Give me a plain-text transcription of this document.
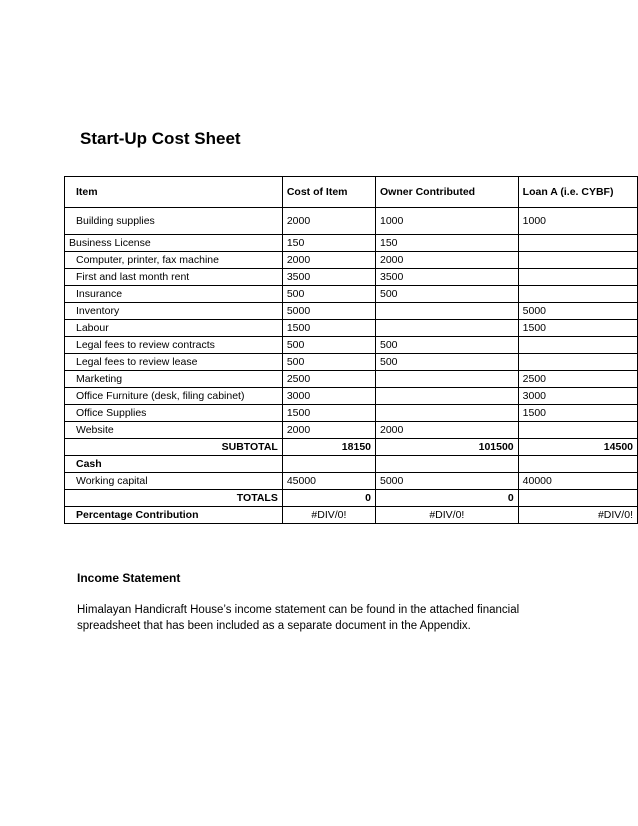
Start-Up Cost Sheet
Item	Cost of Item	Owner Contributed	Loan A (i.e. CYBF)
Building supplies	2000	1000	1000
Business License	150	150	
Computer, printer, fax machine	2000	2000	
First and last month rent	3500	3500	
Insurance	500	500	
Inventory	5000		5000
Labour	1500		1500
Legal fees to review contracts	500	500	
Legal fees to review lease	500	500	
Marketing	2500		2500
Office Furniture (desk, filing cabinet)	3000		3000
Office Supplies	1500		1500
Website	2000	2000	
SUBTOTAL	18150	101500	14500
Cash			
Working capital	45000	5000	40000
TOTALS	0	0	
Percentage Contribution	#DIV/0!	#DIV/0!	#DIV/0!
Income Statement

Himalayan Handicraft House’s income statement can be found in the attached financial
spreadsheet that has been included as a separate document in the Appendix.
